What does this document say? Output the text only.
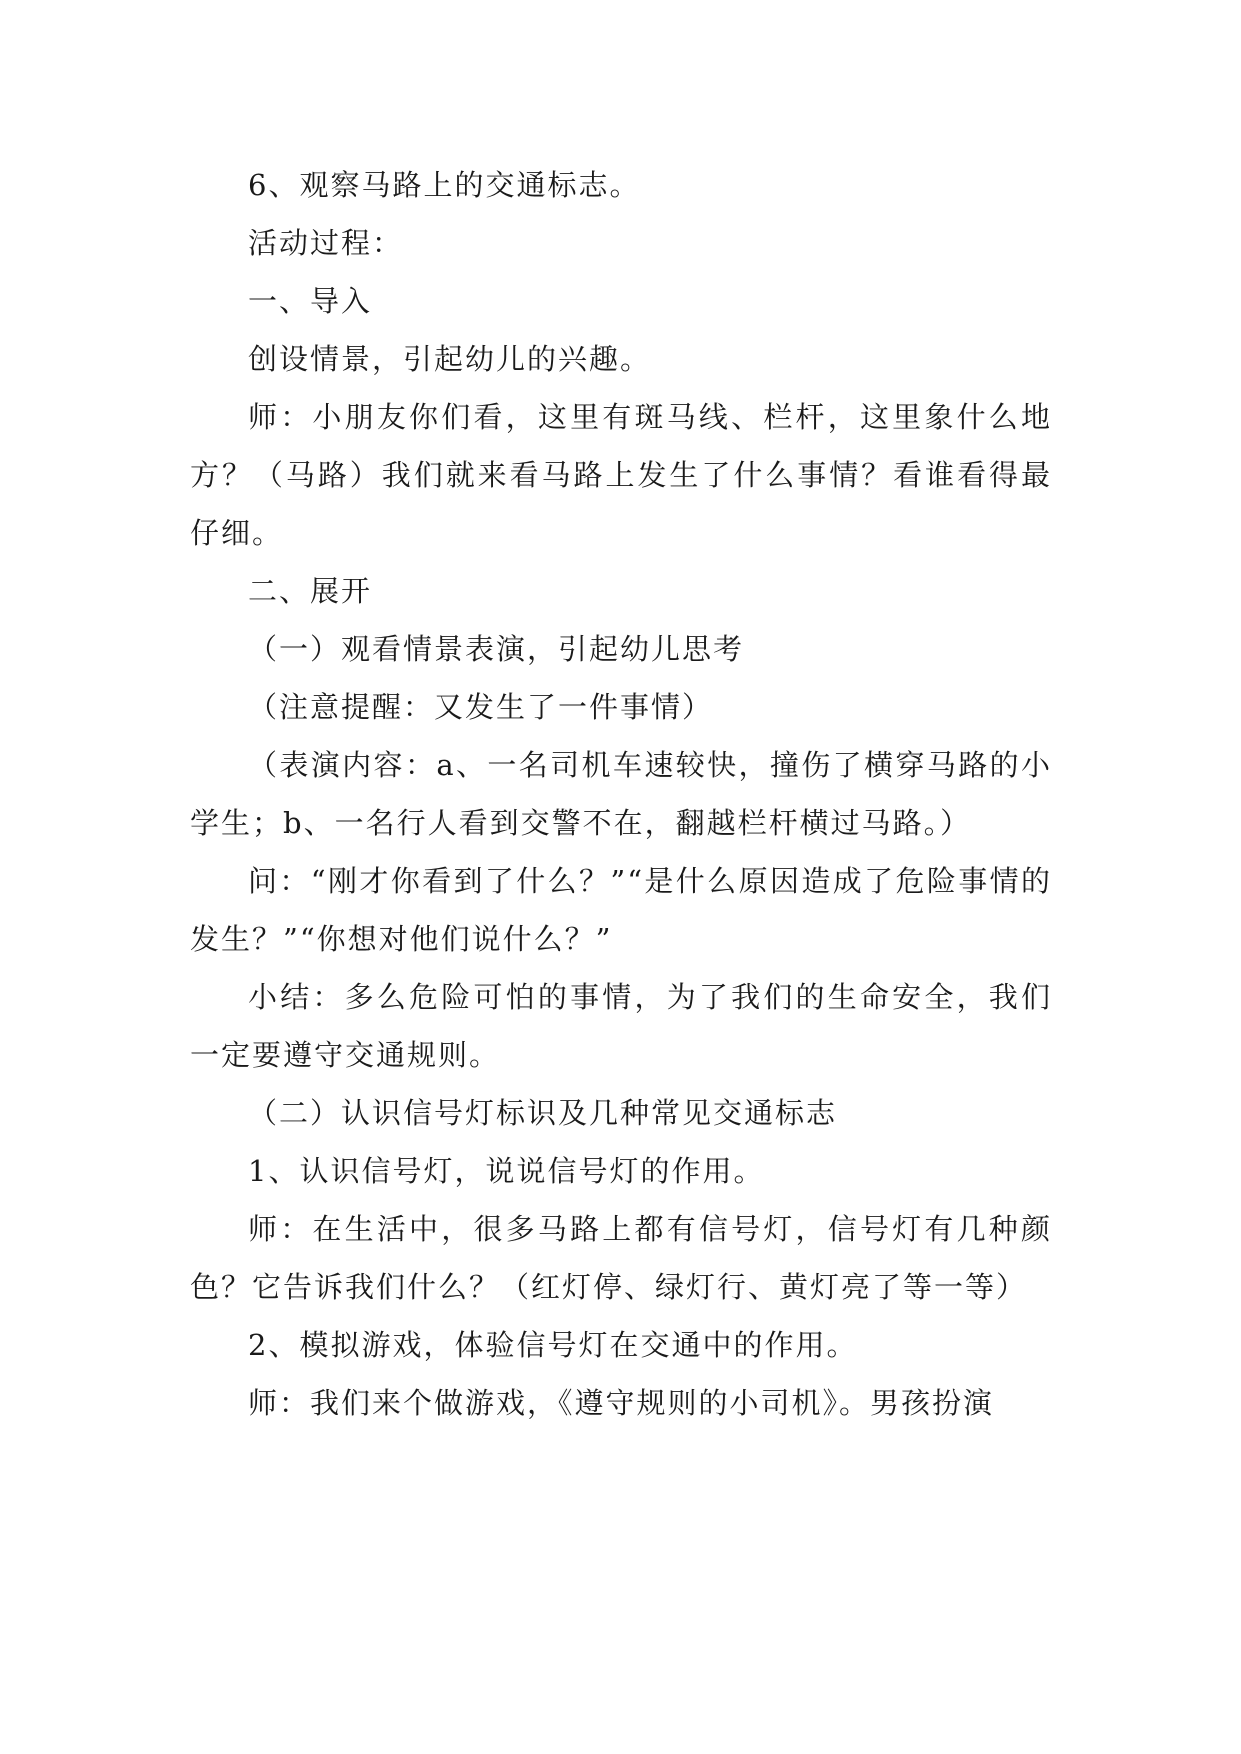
6、观察马路上的交通标志。

活动过程：

一、导入

创设情景，引起幼儿的兴趣。

师：小朋友你们看，这里有斑马线、栏杆，这里象什么地方？（马路）我们就来看马路上发生了什么事情？看谁看得最仔细。

二、展开

（一）观看情景表演，引起幼儿思考

（注意提醒：又发生了一件事情）

（表演内容：a、一名司机车速较快，撞伤了横穿马路的小学生；b、一名行人看到交警不在，翻越栏杆横过马路。）

问：“刚才你看到了什么？”“是什么原因造成了危险事情的发生？”“你想对他们说什么？”

小结：多么危险可怕的事情，为了我们的生命安全，我们一定要遵守交通规则。

（二）认识信号灯标识及几种常见交通标志

1、认识信号灯，说说信号灯的作用。

师：在生活中，很多马路上都有信号灯，信号灯有几种颜色？它告诉我们什么？（红灯停、绿灯行、黄灯亮了等一等）

2、模拟游戏，体验信号灯在交通中的作用。

师：我们来个做游戏，《遵守规则的小司机》。男孩扮演
